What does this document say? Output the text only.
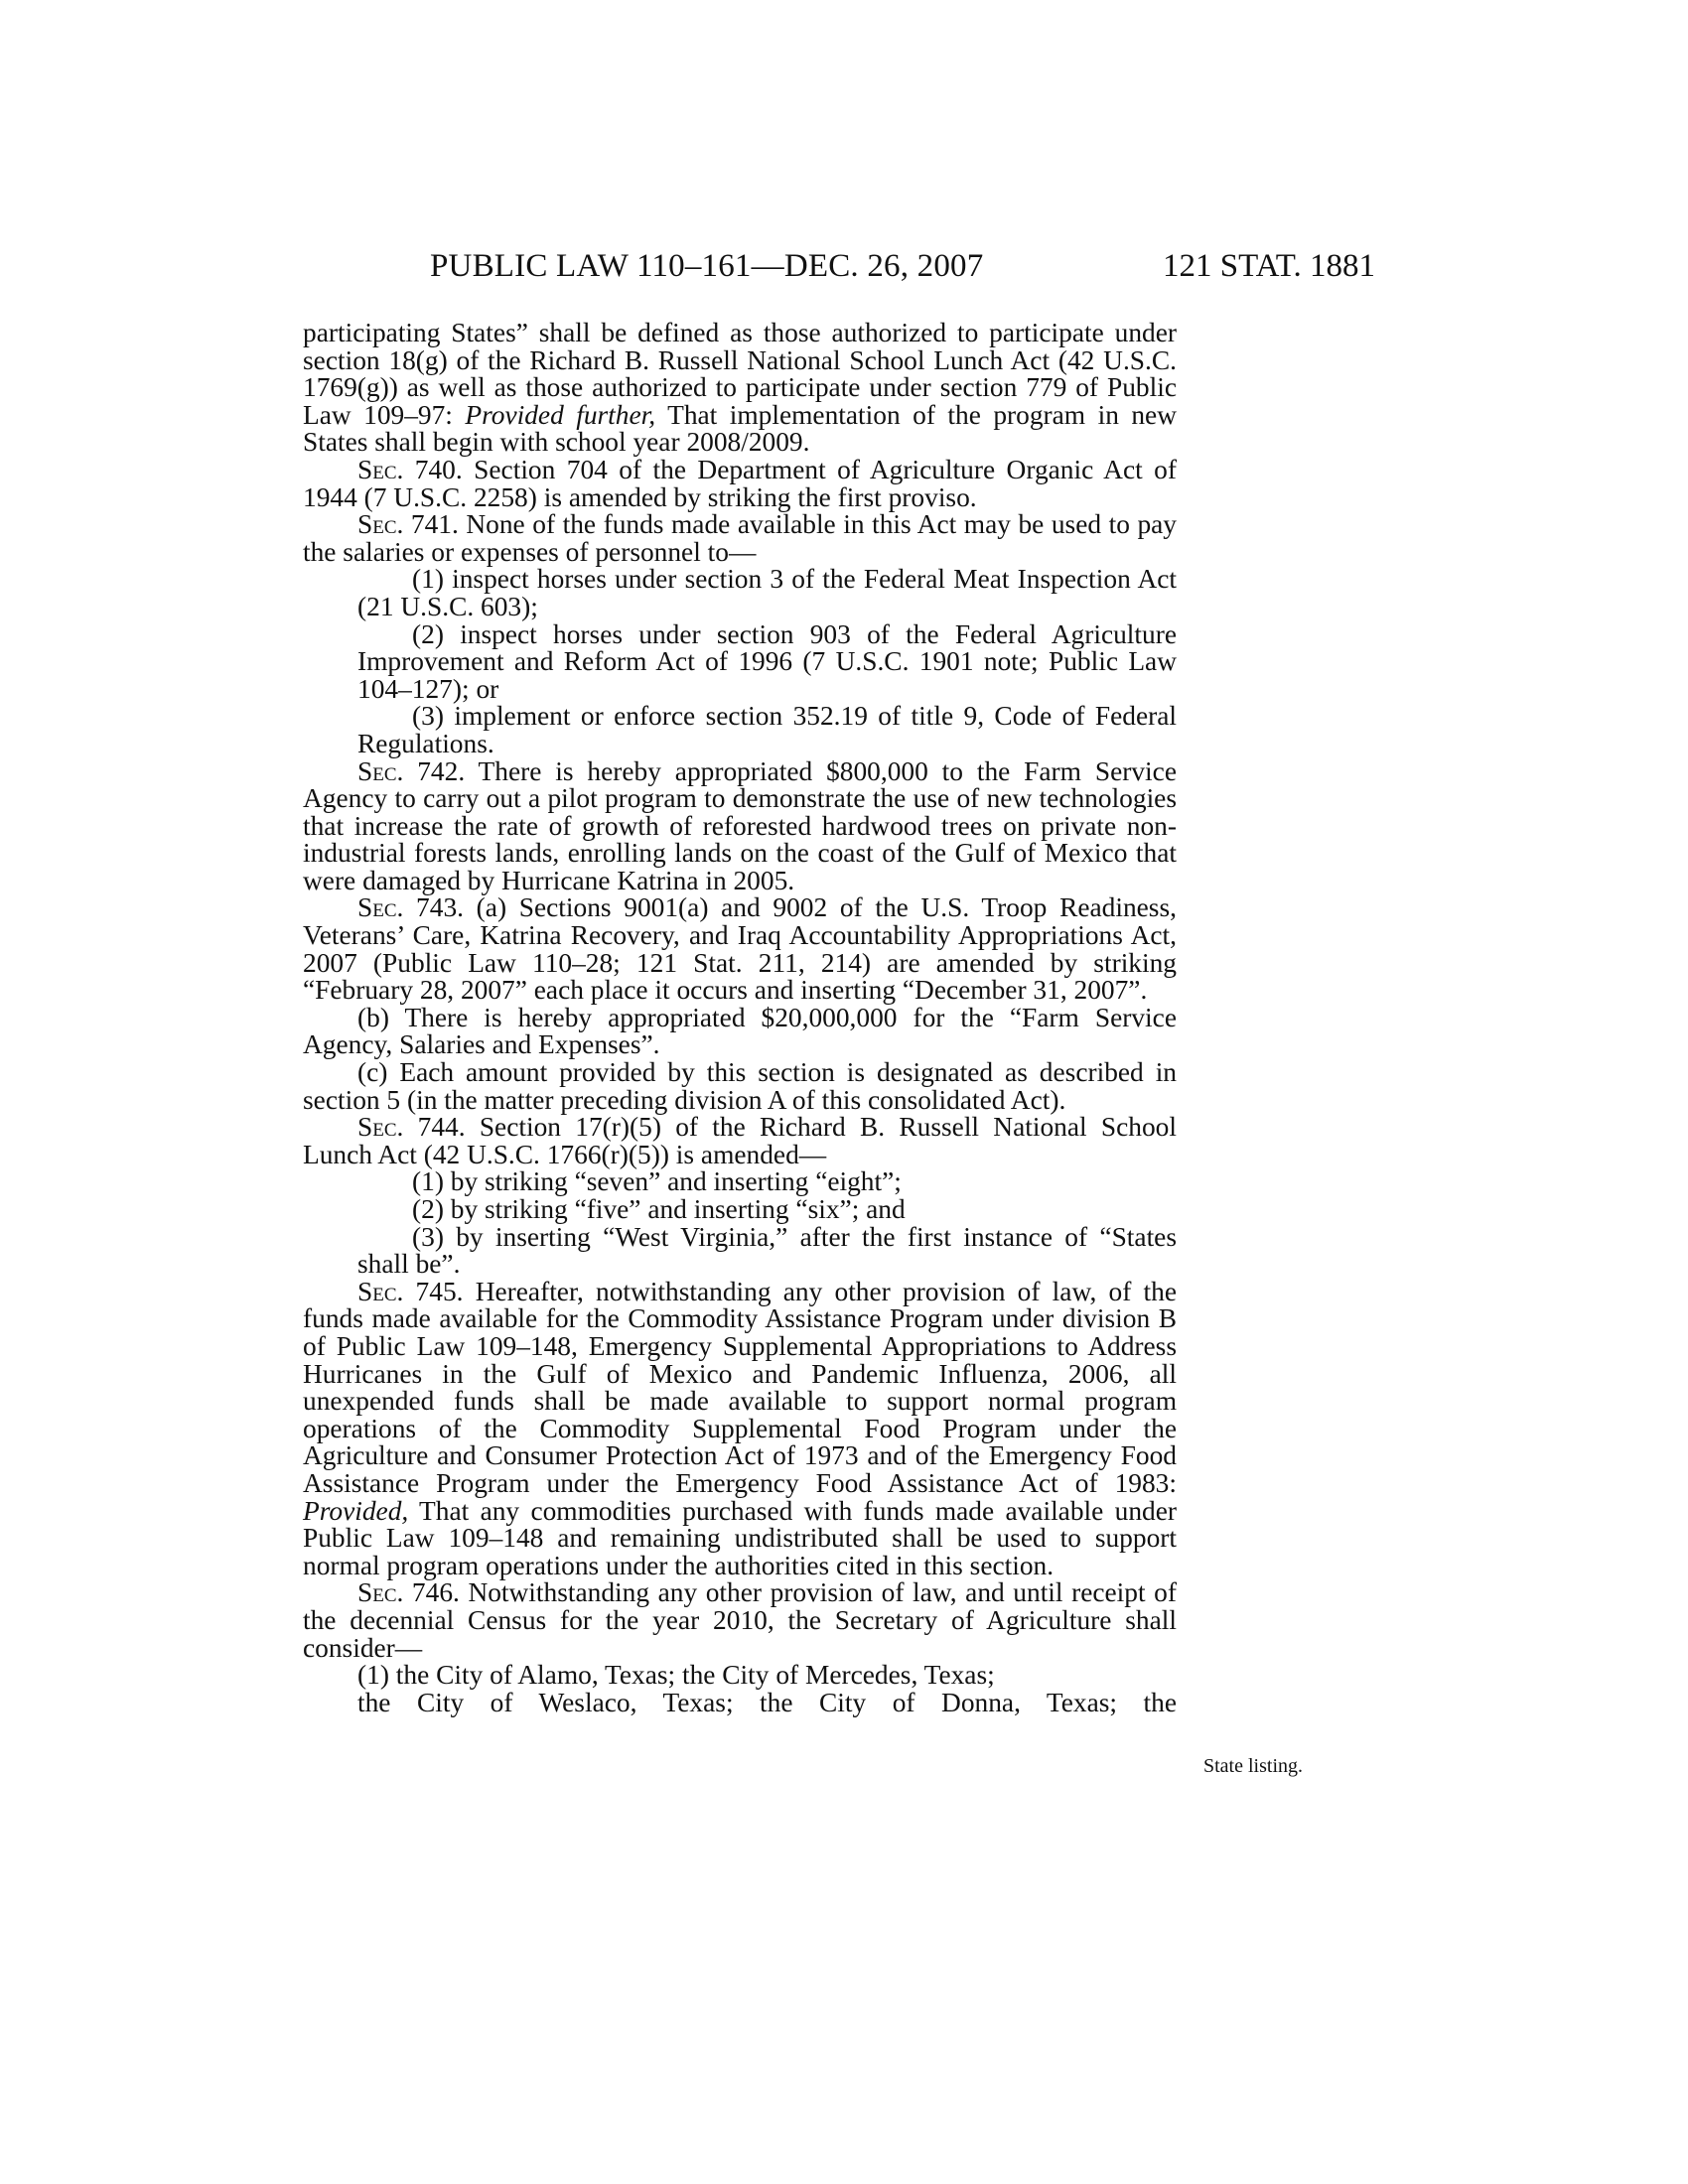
PUBLIC LAW 110–161—DEC. 26, 2007	121 STAT. 1881

participating States” shall be defined as those authorized to participate under section 18(g) of the Richard B. Russell National School Lunch Act (42 U.S.C. 1769(g)) as well as those authorized to participate under section 779 of Public Law 109–97: Provided further, That implementation of the program in new States shall begin with school year 2008/2009.

Sec. 740. Section 704 of the Department of Agriculture Organic Act of 1944 (7 U.S.C. 2258) is amended by striking the first proviso.

Sec. 741. None of the funds made available in this Act may be used to pay the salaries or expenses of personnel to—

(1) inspect horses under section 3 of the Federal Meat Inspection Act (21 U.S.C. 603);

(2) inspect horses under section 903 of the Federal Agriculture Improvement and Reform Act of 1996 (7 U.S.C. 1901 note; Public Law 104–127); or

(3) implement or enforce section 352.19 of title 9, Code of Federal Regulations.

Sec. 742. There is hereby appropriated $800,000 to the Farm Service Agency to carry out a pilot program to demonstrate the use of new technologies that increase the rate of growth of reforested hardwood trees on private non-industrial forests lands, enrolling lands on the coast of the Gulf of Mexico that were damaged by Hurricane Katrina in 2005.

Sec. 743. (a) Sections 9001(a) and 9002 of the U.S. Troop Readiness, Veterans’ Care, Katrina Recovery, and Iraq Accountability Appropriations Act, 2007 (Public Law 110–28; 121 Stat. 211, 214) are amended by striking “February 28, 2007” each place it occurs and inserting “December 31, 2007”.

(b) There is hereby appropriated $20,000,000 for the “Farm Service Agency, Salaries and Expenses”.

(c) Each amount provided by this section is designated as described in section 5 (in the matter preceding division A of this consolidated Act).

Sec. 744. Section 17(r)(5) of the Richard B. Russell National School Lunch Act (42 U.S.C. 1766(r)(5)) is amended—

(1) by striking “seven” and inserting “eight”;

(2) by striking “five” and inserting “six”; and

(3) by inserting “West Virginia,” after the first instance of “States shall be”.

Sec. 745. Hereafter, notwithstanding any other provision of law, of the funds made available for the Commodity Assistance Program under division B of Public Law 109–148, Emergency Supplemental Appropriations to Address Hurricanes in the Gulf of Mexico and Pandemic Influenza, 2006, all unexpended funds shall be made available to support normal program operations of the Commodity Supplemental Food Program under the Agriculture and Consumer Protection Act of 1973 and of the Emergency Food Assistance Program under the Emergency Food Assistance Act of 1983: Provided, That any commodities purchased with funds made available under Public Law 109–148 and remaining undistributed shall be used to support normal program operations under the authorities cited in this section.

Sec. 746. Notwithstanding any other provision of law, and until receipt of the decennial Census for the year 2010, the Secretary of Agriculture shall consider—

(1) the City of Alamo, Texas; the City of Mercedes, Texas;

the City of Weslaco, Texas; the City of Donna, Texas; the

State listing.
